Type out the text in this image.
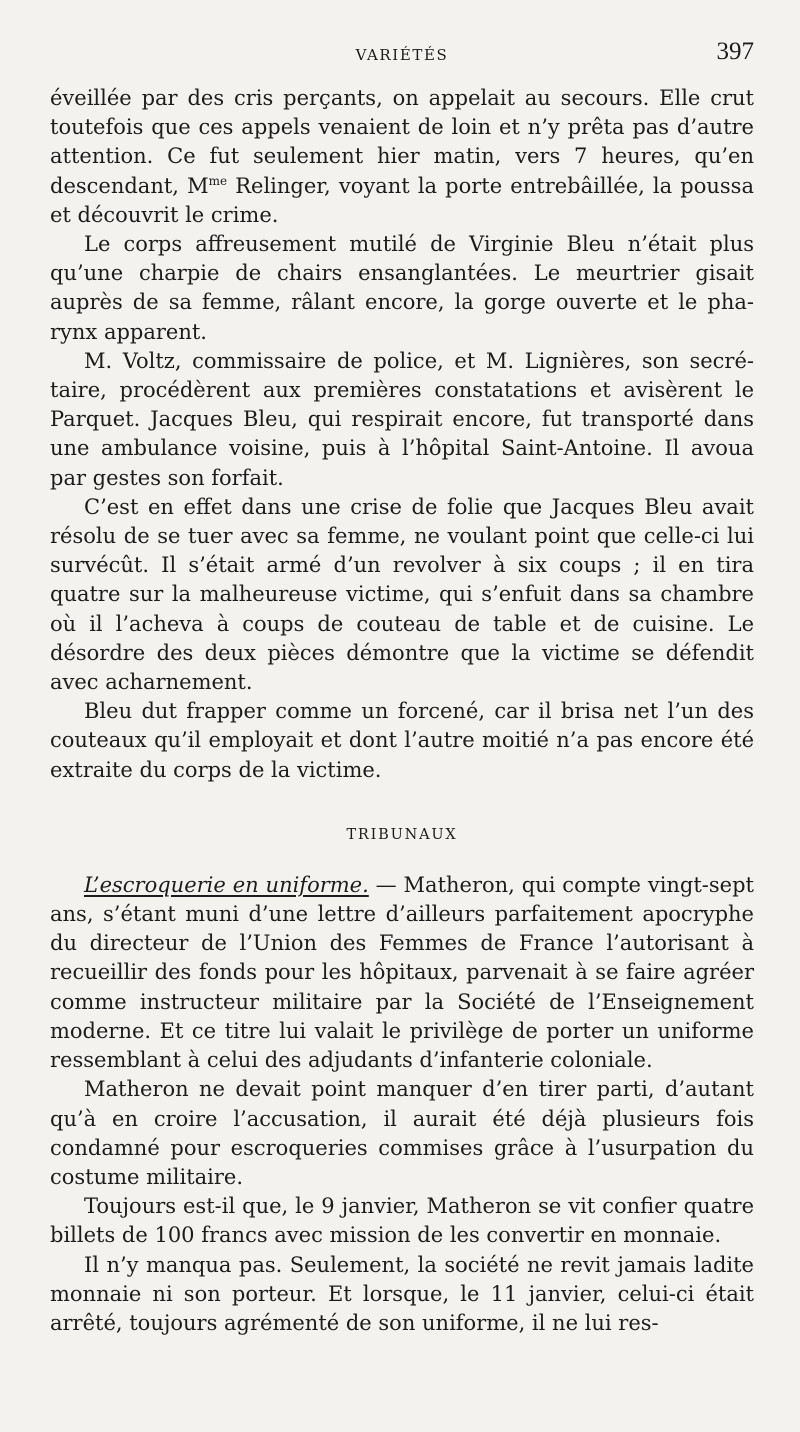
VARIÉTÉS	397

éveillée par des cris perçants, on appelait au secours. Elle crut toutefois que ces appels venaient de loin et n’y prêta pas d’autre attention. Ce fut seulement hier matin, vers 7 heures, qu’en descendant, $M^{me}$ Relinger, voyant la porte entrebâillée, la poussa et découvrit le crime.

Le corps affreusement mutilé de Virginie Bleu n’était plus qu’une charpie de chairs ensanglantées. Le meurtrier gisait auprès de sa femme, râlant encore, la gorge ouverte et le pharynx apparent.

M. Voltz, commissaire de police, et M. Lignières, son secrétaire, procédèrent aux premières constatations et avisèrent le Parquet. Jacques Bleu, qui respirait encore, fut transporté dans une ambulance voisine, puis à l’hôpital Saint-Antoine. Il avoua par gestes son forfait.

C’est en effet dans une crise de folie que Jacques Bleu avait résolu de se tuer avec sa femme, ne voulant point que celle-ci lui survécût. Il s’était armé d’un revolver à six coups ; il en tira quatre sur la malheureuse victime, qui s’enfuit dans sa chambre où il l’acheva à coups de couteau de table et de cuisine. Le désordre des deux pièces démontre que la victime se défendit avec acharnement.

Bleu dut frapper comme un forcené, car il brisa net l’un des couteaux qu’il employait et dont l’autre moitié n’a pas encore été extraite du corps de la victime.

TRIBUNAUX

L’escroquerie en uniforme. — Matheron, qui compte vingt-sept ans, s’étant muni d’une lettre d’ailleurs parfaitement apocryphe du directeur de l’Union des Femmes de France l’autorisant à recueillir des fonds pour les hôpitaux, parvenait à se faire agréer comme instructeur militaire par la Société de l’Enseignement moderne. Et ce titre lui valait le privilège de porter un uniforme ressemblant à celui des adjudants d’infanterie coloniale.

Matheron ne devait point manquer d’en tirer parti, d’autant qu’à en croire l’accusation, il aurait été déjà plusieurs fois condamné pour escroqueries commises grâce à l’usurpation du costume militaire.

Toujours est-il que, le 9 janvier, Matheron se vit confier quatre billets de 100 francs avec mission de les convertir en monnaie.

Il n’y manqua pas. Seulement, la société ne revit jamais ladite monnaie ni son porteur. Et lorsque, le 11 janvier, celui-ci était arrêté, toujours agrémenté de son uniforme, il ne lui res-
